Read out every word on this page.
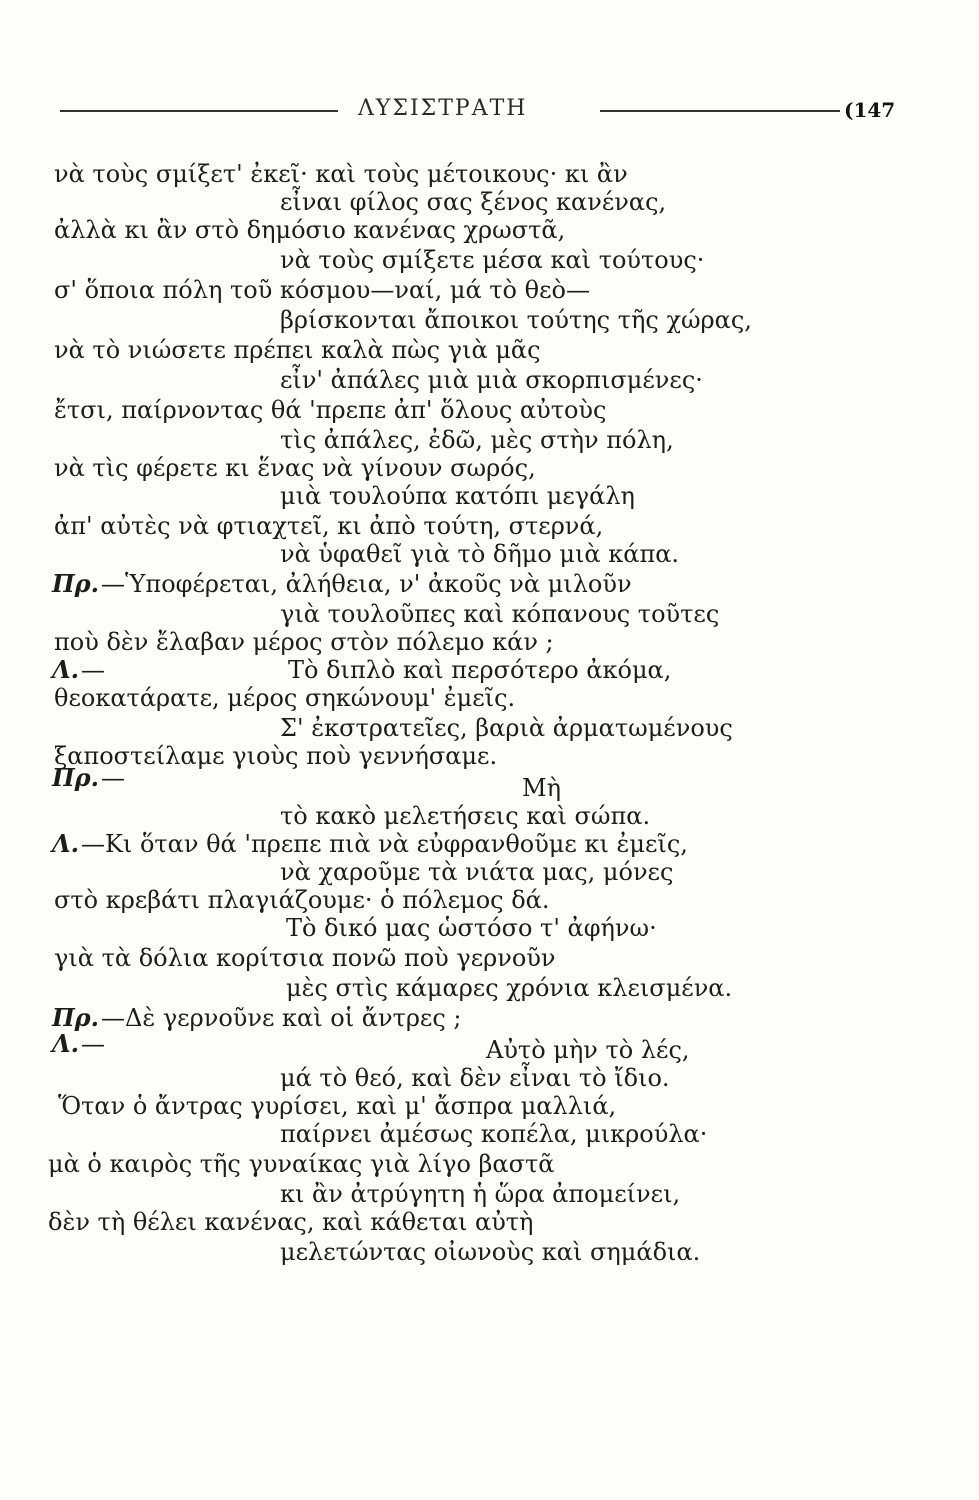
ΛΥΣΙΣΤΡΑΤΗ	(147
νὰ τοὺς σμίξετ' ἐκεῖ· καὶ τοὺς μέτοικους· κι ἂν
εἶναι φίλος σας ξένος κανένας,
ἀλλὰ κι ἂν στὸ δημόσιο κανένας χρωστᾶ,
νὰ τοὺς σμίξετε μέσα καὶ τούτους·
σ' ὅποια πόλη τοῦ κόσμου—ναί, μά τὸ θεὸ—
βρίσκονται ἄποικοι τούτης τῆς χώρας,
νὰ τὸ νιώσετε πρέπει καλὰ πὼς γιὰ μᾶς
εἶν' ἀπάλες μιὰ μιὰ σκορπισμένες·
ἔτσι, παίρνοντας θά 'πρεπε ἀπ' ὅλους αὐτοὺς
τὶς ἀπάλες, ἐδῶ, μὲς στὴν πόλη,
νὰ τὶς φέρετε κι ἕνας νὰ γίνουν σωρός,
μιὰ τουλούπα κατόπι μεγάλη
ἀπ' αὐτὲς νὰ φτιαχτεῖ, κι ἀπὸ τούτη, στερνά,
νὰ ὑφαθεῖ γιὰ τὸ δῆμο μιὰ κάπα.
Πρ.—Ὑποφέρεται, ἀλήθεια, ν' ἀκοῦς νὰ μιλοῦν
γιὰ τουλοῦπες καὶ κόπανους τοῦτες
ποὺ δὲν ἔλαβαν μέρος στὸν πόλεμο κάν ;
Λ.—	Τὸ διπλὸ καὶ περσότερο ἀκόμα,
θεοκατάρατε, μέρος σηκώνουμ' ἐμεῖς.
Σ' ἐκστρατεῖες, βαριὰ ἀρματωμένους
ξαποστείλαμε γιοὺς ποὺ γεννήσαμε.
Πρ.—	Μὴ
τὸ κακὸ μελετήσεις καὶ σώπα.
Λ.—Κι ὅταν θά 'πρεπε πιὰ νὰ εὐφρανθοῦμε κι ἐμεῖς,
νὰ χαροῦμε τὰ νιάτα μας, μόνες
στὸ κρεβάτι πλαγιάζουμε· ὁ πόλεμος δά.
Τὸ δικό μας ὡστόσο τ' ἀφήνω·
γιὰ τὰ δόλια κορίτσια πονῶ ποὺ γερνοῦν
μὲς στὶς κάμαρες χρόνια κλεισμένα.
Πρ.—Δὲ γερνοῦνε καὶ οἱ ἄντρες ;
Λ.—	Αὐτὸ μὴν τὸ λές,
μά τὸ θεό, καὶ δὲν εἶναι τὸ ἴδιο.
Ὅταν ὁ ἄντρας γυρίσει, καὶ μ' ἄσπρα μαλλιά,
παίρνει ἀμέσως κοπέλα, μικρούλα·
μὰ ὁ καιρὸς τῆς γυναίκας γιὰ λίγο βαστᾶ
κι ἂν ἀτρύγητη ἡ ὥρα ἀπομείνει,
δὲν τὴ θέλει κανένας, καὶ κάθεται αὐτὴ
μελετώντας οἰωνοὺς καὶ σημάδια.
